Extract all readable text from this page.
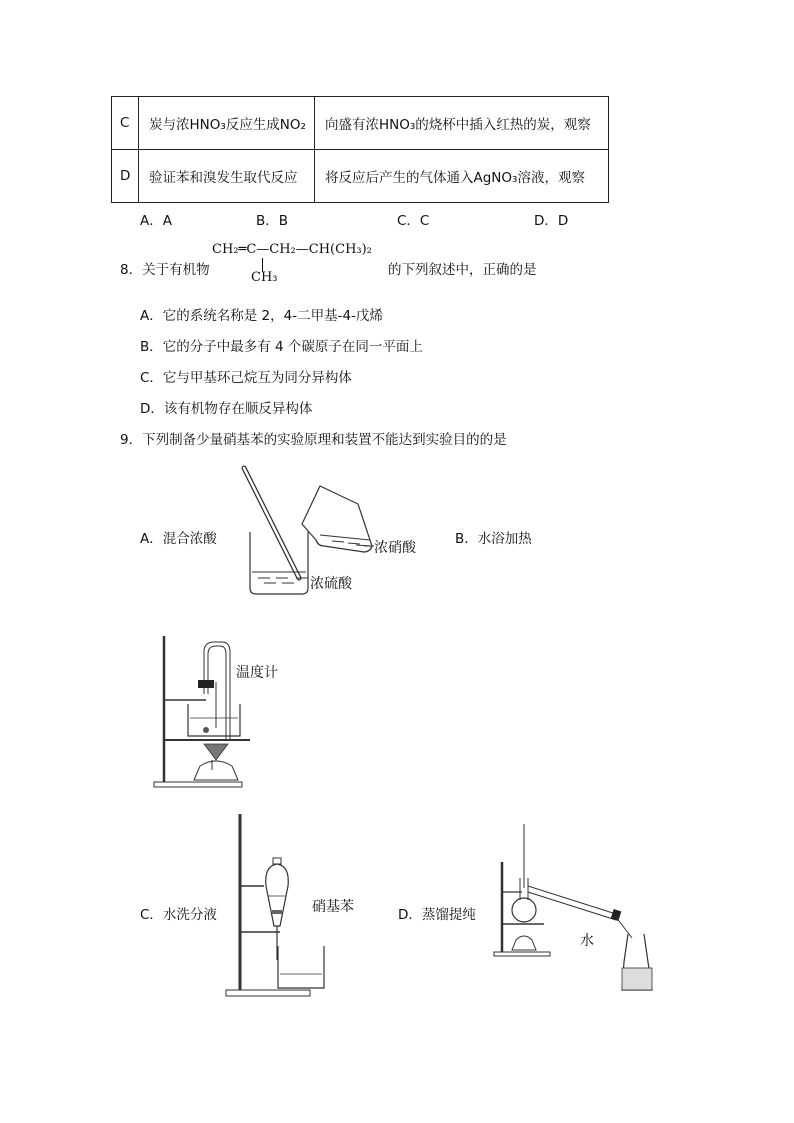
C	炭与浓HNO₃反应生成NO₂	向盛有浓HNO₃的烧杯中插入红热的炭，观察
D	验证苯和溴发生取代反应	将反应后产生的气体通入AgNO₃溶液，观察
A．A	B．B	C．C	D．D
8．关于有机物
CH₂═C—CH₂—CH(CH₃)₂
CH₃	的下列叙述中，正确的是
A．它的系统名称是 2，4-二甲基-4-戊烯
B．它的分子中最多有 4 个碳原子在同一平面上
C．它与甲基环己烷互为同分异构体
D．该有机物存在顺反异构体
9．下列制备少量硝基苯的实验原理和装置不能达到实验目的的是
A．混合浓酸	B．水浴加热
C．水洗分液	D．蒸馏提纯
浓硝酸
浓硫酸
温度计
硝基苯
水
